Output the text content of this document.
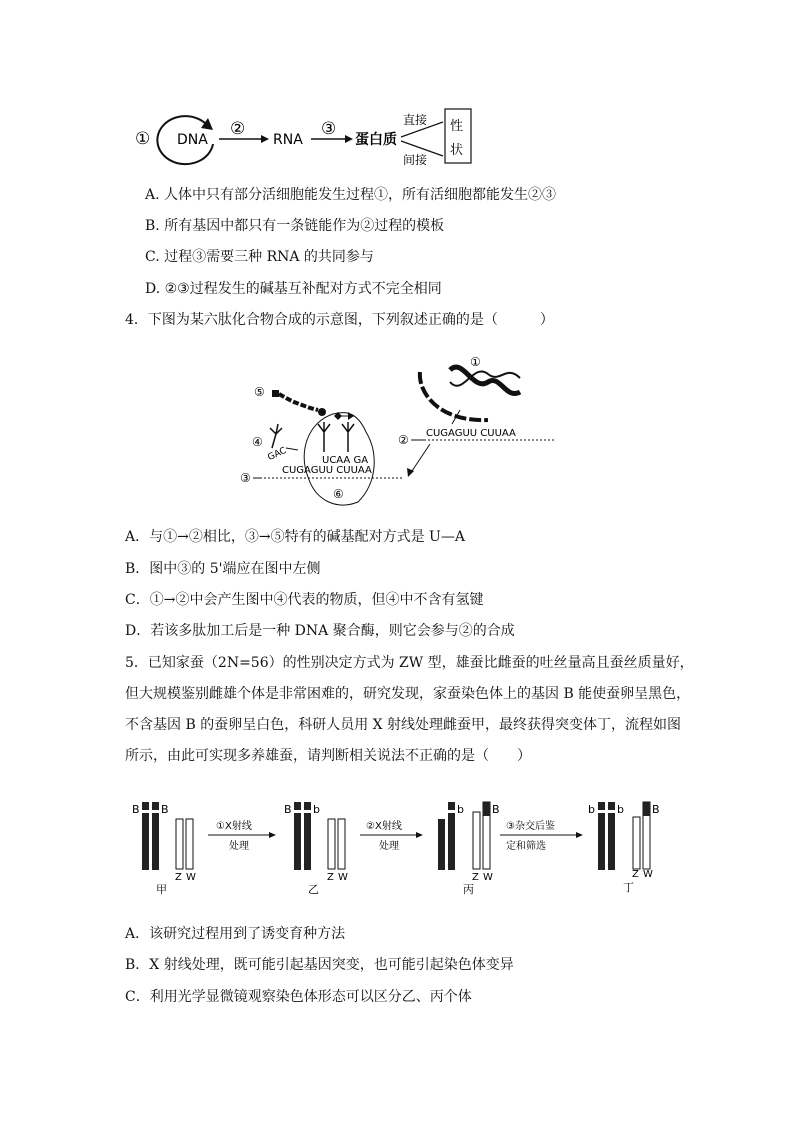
① DNA
②
RNA
③
蛋白质
直接
间接
性
状
A. 人体中只有部分活细胞能发生过程①，所有活细胞都能发生②③
B. 所有基因中都只有一条链能作为②过程的模板
C. 过程③需要三种 RNA 的共同参与
D. ②③过程发生的碱基互补配对方式不完全相同
4．下图为某六肽化合物合成的示意图，下列叙述正确的是（　　　）
①
② CUGAGUU CUUAA
⑥
③
CUGAGUU CUUAA
UCAA GA
⑤
④
GAC
A．与①→②相比，③→⑤特有的碱基配对方式是 U—A
B．图中③的 5'端应在图中左侧
C．①→②中会产生图中④代表的物质，但④中不含有氢键
D．若该多肽加工后是一种 DNA 聚合酶，则它会参与②的合成
5．已知家蚕（2N=56）的性别决定方式为 ZW 型，雄蚕比雌蚕的吐丝量高且蚕丝质量好，
但大规模鉴别雌雄个体是非常困难的，研究发现，家蚕染色体上的基因 B 能使蚕卵呈黑色，
不含基因 B 的蚕卵呈白色，科研人员用 X 射线处理雌蚕甲，最终获得突变体丁，流程如图
所示，由此可实现多养雄蚕，请判断相关说法不正确的是（　　）
B B
Z W
甲
①X射线
处理
B b
Z W
乙
②X射线
处理
b	B
Z W
丙
③杂交后鉴
定和筛选
b b	B
Z W
丁
A．该研究过程用到了诱变育种方法
B．X 射线处理，既可能引起基因突变，也可能引起染色体变异
C．利用光学显微镜观察染色体形态可以区分乙、丙个体
